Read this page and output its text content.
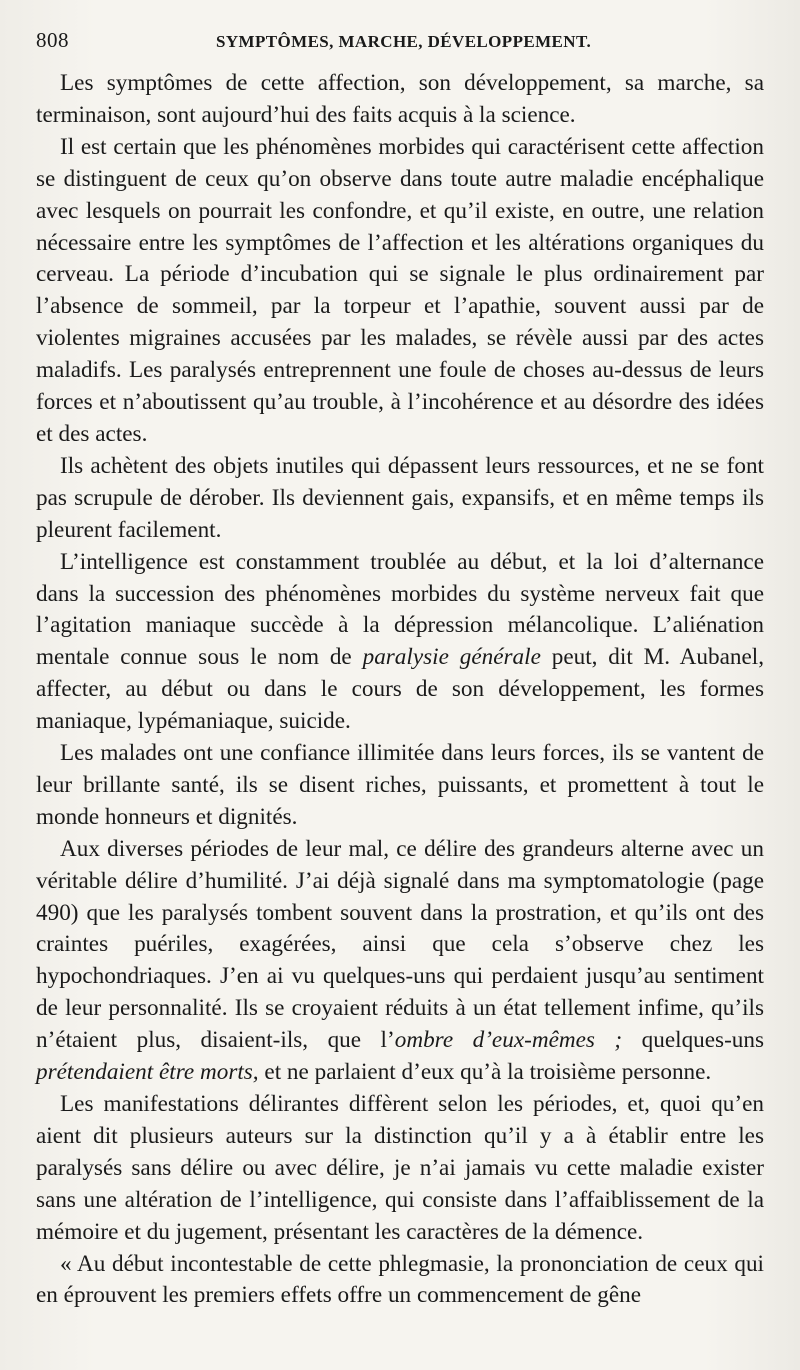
808	SYMPTÔMES, MARCHE, DÉVELOPPEMENT.

Les symptômes de cette affection, son développement, sa marche, sa terminaison, sont aujourd’hui des faits acquis à la science.

Il est certain que les phénomènes morbides qui caractérisent cette affection se distinguent de ceux qu’on observe dans toute autre maladie encéphalique avec lesquels on pourrait les confondre, et qu’il existe, en outre, une relation nécessaire entre les symptômes de l’affection et les altérations organiques du cerveau. La période d’incubation qui se signale le plus ordinairement par l’absence de sommeil, par la torpeur et l’apathie, souvent aussi par de violentes migraines accusées par les malades, se révèle aussi par des actes maladifs. Les paralysés entreprennent une foule de choses au-dessus de leurs forces et n’aboutissent qu’au trouble, à l’incohérence et au désordre des idées et des actes.

Ils achètent des objets inutiles qui dépassent leurs ressources, et ne se font pas scrupule de dérober. Ils deviennent gais, expansifs, et en même temps ils pleurent facilement.

L’intelligence est constamment troublée au début, et la loi d’alternance dans la succession des phénomènes morbides du système nerveux fait que l’agitation maniaque succède à la dépression mélancolique. L’aliénation mentale connue sous le nom de paralysie générale peut, dit M. Aubanel, affecter, au début ou dans le cours de son développement, les formes maniaque, lypémaniaque, suicide.

Les malades ont une confiance illimitée dans leurs forces, ils se vantent de leur brillante santé, ils se disent riches, puissants, et promettent à tout le monde honneurs et dignités.

Aux diverses périodes de leur mal, ce délire des grandeurs alterne avec un véritable délire d’humilité. J’ai déjà signalé dans ma symptomatologie (page 490) que les paralysés tombent souvent dans la prostration, et qu’ils ont des craintes puériles, exagérées, ainsi que cela s’observe chez les hypochondriaques. J’en ai vu quelques-uns qui perdaient jusqu’au sentiment de leur personnalité. Ils se croyaient réduits à un état tellement infime, qu’ils n’étaient plus, disaient-ils, que l’ombre d’eux-mêmes ; quelques-uns prétendaient être morts, et ne parlaient d’eux qu’à la troisième personne.

Les manifestations délirantes diffèrent selon les périodes, et, quoi qu’en aient dit plusieurs auteurs sur la distinction qu’il y a à établir entre les paralysés sans délire ou avec délire, je n’ai jamais vu cette maladie exister sans une altération de l’intelligence, qui consiste dans l’affaiblissement de la mémoire et du jugement, présentant les caractères de la démence.

« Au début incontestable de cette phlegmasie, la prononciation de ceux qui en éprouvent les premiers effets offre un commencement de gêne
